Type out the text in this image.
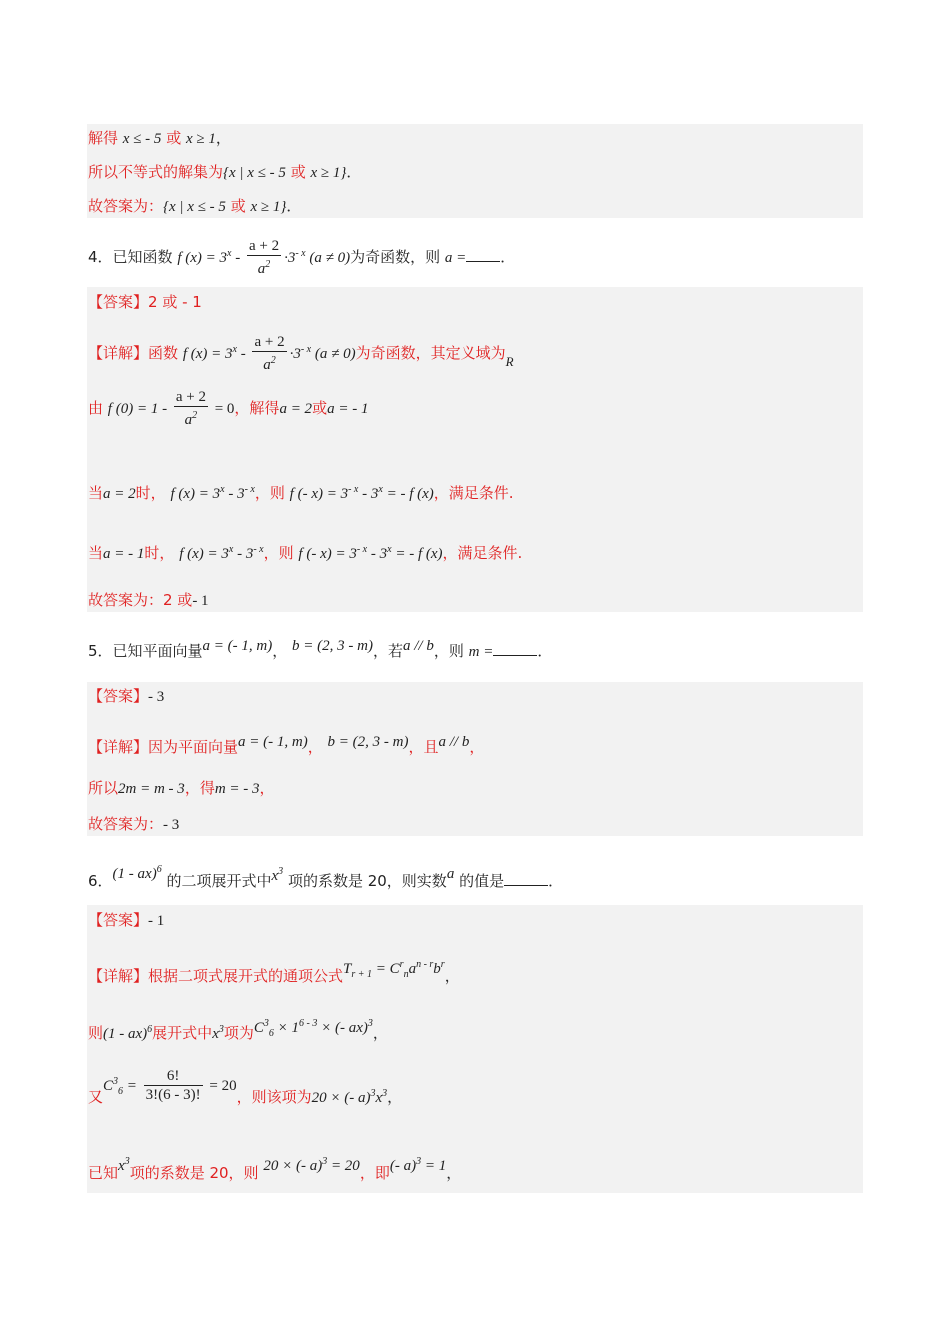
解得 x ≤ - 5 或 x ≥ 1，
所以不等式的解集为{x | x ≤ - 5 或 x ≥ 1}．
故答案为：{x | x ≤ - 5 或 x ≥ 1}．
4．已知函数 f $(x) = 3^x - \frac{a + 2}{a^2} \cdot 3^{- x}$ (a ≠ 0)为奇函数，则 a = ．
【答案】2 或 - 1
【详解】函数 f $(x) = 3^x - \frac{a + 2}{a^2} \cdot 3^{- x}$ (a ≠ 0)为奇函数，其定义域为R
由 f $(0) = 1 - \frac{a + 2}{a^2} = 0$，解得a = 2或a = - 1
当a = 2时， f $(x) = 3^x - 3^{- x}$，则 f (- $x) = 3^{- x} - 3^x$ = - f (x)，满足条件.
当a = - 1时， f $(x) = 3^x - 3^{- x}$，则 f (- $x) = 3^{- x} - 3^x$ = - f (x)，满足条件.
故答案为：2 或- 1
5．已知平面向量a = (- 1, m)， b = (2, 3 - m)，若a // b，则 m =	．
【答案】- 3
【详解】因为平面向量a = (- 1, m)， b = (2, 3 - m)，且a // b，
所以2m = m - 3，得m = - 3，
故答案为：- 3
6．(1 - ax)$^6$ 的二项展开式中$x^3$ 项的系数是 20，则实数a 的值是	．
【答案】- 1
【详解】根据二项式展开式的通项公式$T_{r + 1} = C^r_na^{n - r}b^r$，
则(1 - ax)$^6$展开式中$x^3$项为$C^3_6 \times 1^{6 - 3}$ × (- ax)$^3$，
又$C^3_6 = \frac{6!}{3!(6 - 3)!} = 20$，则该项为20 × (- $a)^3x^3$，
已知$x^3$项的系数是 20，则 20 × (- a)$^3$ = 20，即(- a)$^3$ = 1，
